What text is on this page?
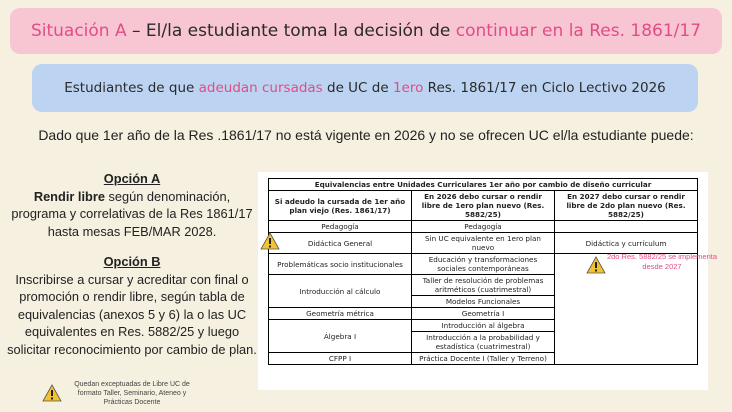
Situación A – El/la estudiante toma la decisión de continuar en la Res. 1861/17
Estudiantes de que adeudan cursadas de UC de 1ero Res. 1861/17 en Ciclo Lectivo 2026
Dado que 1er año de la Res .1861/17 no está vigente en 2026 y no se ofrecen UC el/la estudiante puede:
Opción A
Rendir libre según denominación, programa y correlativas de la Res 1861/17 hasta mesas FEB/MAR 2028.
Opción B
Inscribirse a cursar y acreditar con final o promoción o rendir libre, según tabla de equivalencias (anexos 5 y 6) la o las UC equivalentes en Res. 5882/25 y luego solicitar reconocimiento por cambio de plan.
Quedan exceptuadas de Libre UC de formato Taller, Seminario, Ateneo y Prácticas Docente
Equivalencias entre Unidades Curriculares 1er año por cambio de diseño curricular		
Si adeudo la cursada de 1er año plan viejo (Res. 1861/17)	En 2026 debo cursar o rendir libre de 1ero plan nuevo (Res. 5882/25)	En 2027 debo cursar o rendir libre de 2do plan nuevo (Res. 5882/25)
Pedagogía	Pedagogía	
Didáctica General	Sin UC equivalente en 1ero plan nuevo	Didáctica y currículum
Problemáticas socio institucionales	Educación y transformaciones sociales contemporáneas	
Introducción al cálculo	Taller de resolución de problemas aritméticos (cuatrimestral)	
	Modelos Funcionales	
Geometría métrica	Geometría I	
Álgebra I	Introducción al álgebra	
	Introducción a la probabilidad y estadística (cuatrimestral)	
CFPP I	Práctica Docente I (Taller y Terreno)	
2do Res. 5882/25 se implementa desde 2027
